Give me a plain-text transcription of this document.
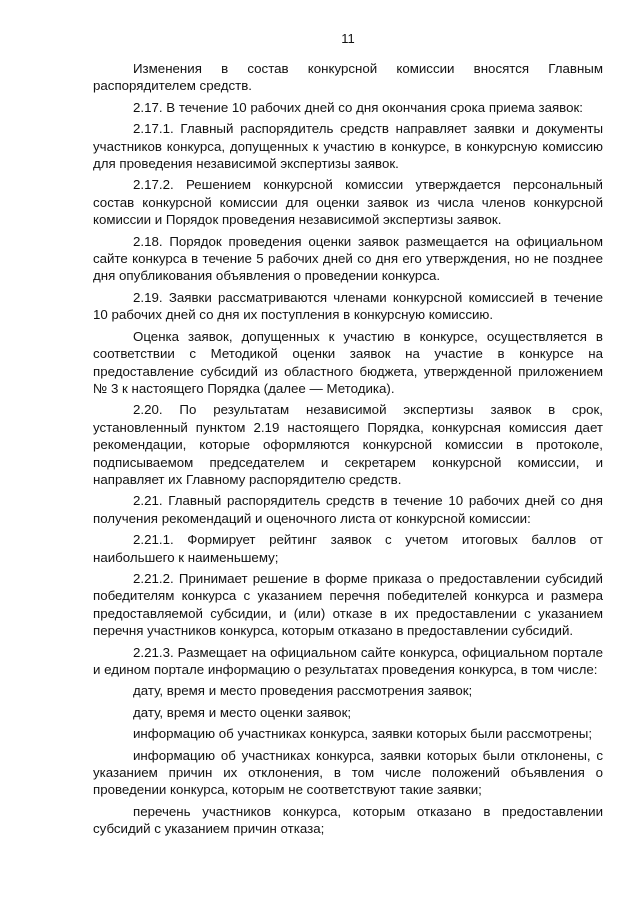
11

Изменения в состав конкурсной комиссии вносятся Главным распорядителем средств.

2.17. В течение 10 рабочих дней со дня окончания срока приема заявок:

2.17.1. Главный распорядитель средств направляет заявки и документы участников конкурса, допущенных к участию в конкурсе, в конкурсную комиссию для проведения независимой экспертизы заявок.

2.17.2. Решением конкурсной комиссии утверждается персональный состав конкурсной комиссии для оценки заявок из числа членов конкурсной комиссии и Порядок проведения независимой экспертизы заявок.

2.18. Порядок проведения оценки заявок размещается на официальном сайте конкурса в течение 5 рабочих дней со дня его утверждения, но не позднее дня опубликования объявления о проведении конкурса.

2.19. Заявки рассматриваются членами конкурсной комиссией в течение 10 рабочих дней со дня их поступления в конкурсную комиссию.

Оценка заявок, допущенных к участию в конкурсе, осуществляется в соответствии с Методикой оценки заявок на участие в конкурсе на предоставление субсидий из областного бюджета, утвержденной приложением № 3 к настоящего Порядка (далее — Методика).

2.20. По результатам независимой экспертизы заявок в срок, установленный пунктом 2.19 настоящего Порядка, конкурсная комиссия дает рекомендации, которые оформляются конкурсной комиссии в протоколе, подписываемом председателем и секретарем конкурсной комиссии, и направляет их Главному распорядителю средств.

2.21. Главный распорядитель средств в течение 10 рабочих дней со дня получения рекомендаций и оценочного листа от конкурсной комиссии:

2.21.1. Формирует рейтинг заявок с учетом итоговых баллов от наибольшего к наименьшему;

2.21.2. Принимает решение в форме приказа о предоставлении субсидий победителям конкурса с указанием перечня победителей конкурса и размера предоставляемой субсидии, и (или) отказе в их предоставлении с указанием перечня участников конкурса, которым отказано в предоставлении субсидий.

2.21.3. Размещает на официальном сайте конкурса, официальном портале и едином портале информацию о результатах проведения конкурса, в том числе:

дату, время и место проведения рассмотрения заявок;

дату, время и место оценки заявок;

информацию об участниках конкурса, заявки которых были рассмотрены;

информацию об участниках конкурса, заявки которых были отклонены, с указанием причин их отклонения, в том числе положений объявления о проведении конкурса, которым не соответствуют такие заявки;

перечень участников конкурса, которым отказано в предоставлении субсидий с указанием причин отказа;
